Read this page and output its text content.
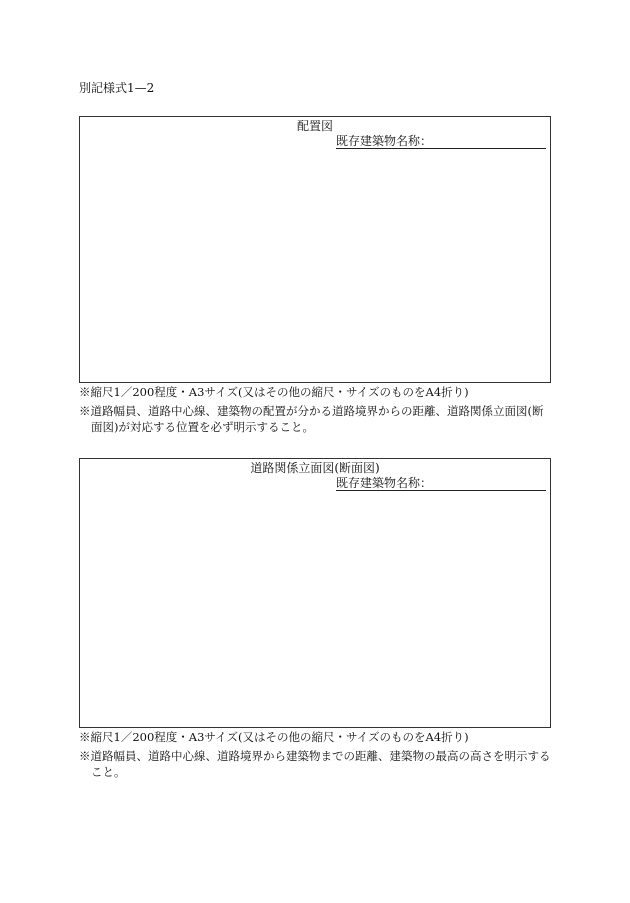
別記様式1—2
配置図
既存建築物名称：
※縮尺1／200程度・A3サイズ(又はその他の縮尺・サイズのものをA4折り)
※道路幅員、道路中心線、建築物の配置が分かる道路境界からの距離、道路関係立面図(断面図)が対応する位置を必ず明示すること。
道路関係立面図(断面図)
既存建築物名称：
※縮尺1／200程度・A3サイズ(又はその他の縮尺・サイズのものをA4折り)
※道路幅員、道路中心線、道路境界から建築物までの距離、建築物の最高の高さを明示すること。
